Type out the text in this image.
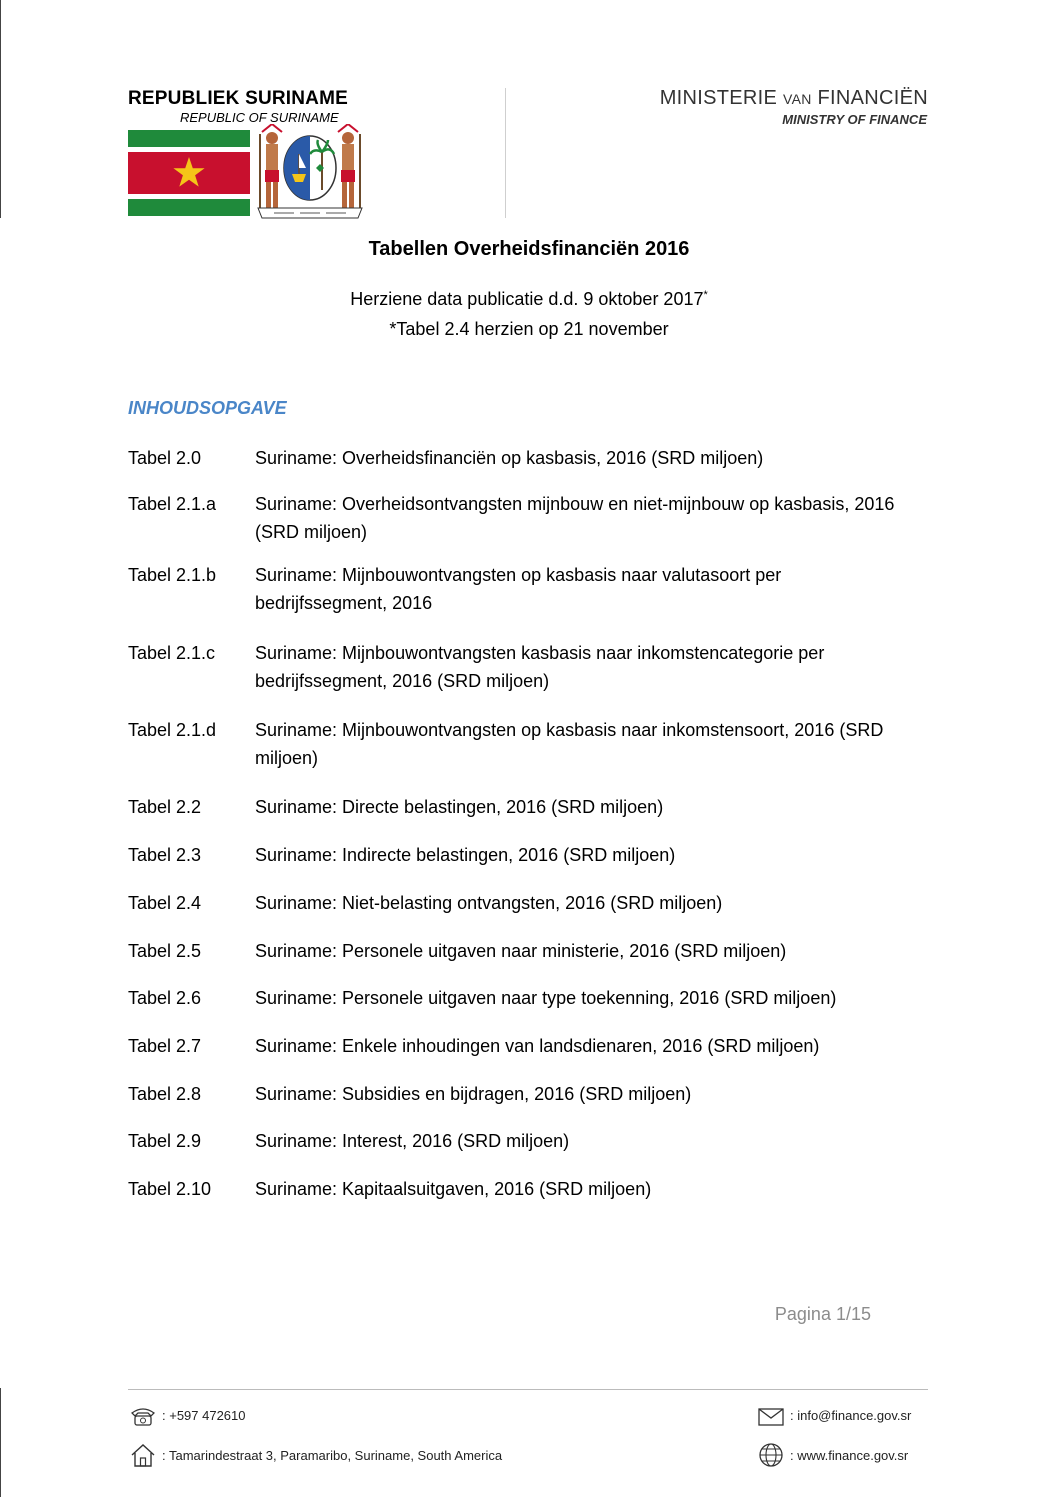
REPUBLIEK SURINAME
REPUBLIC OF SURINAME
MINISTERIE VAN FINANCIËN
MINISTRY OF FINANCE
Tabellen Overheidsfinanciën 2016
Herziene data publicatie d.d. 9 oktober 2017*
*Tabel 2.4 herzien op 21 november
INHOUDSOPGAVE
Tabel 2.0	Suriname: Overheidsfinanciën op kasbasis, 2016 (SRD miljoen)
Tabel 2.1.a	Suriname: Overheidsontvangsten mijnbouw en niet-mijnbouw op kasbasis, 2016 (SRD miljoen)
Tabel 2.1.b	Suriname: Mijnbouwontvangsten op kasbasis naar valutasoort per bedrijfssegment, 2016
Tabel 2.1.c	Suriname: Mijnbouwontvangsten kasbasis naar inkomstencategorie per bedrijfssegment, 2016 (SRD miljoen)
Tabel 2.1.d	Suriname: Mijnbouwontvangsten op kasbasis naar inkomstensoort, 2016 (SRD miljoen)
Tabel 2.2	Suriname: Directe belastingen, 2016 (SRD miljoen)
Tabel 2.3	Suriname: Indirecte belastingen, 2016 (SRD miljoen)
Tabel 2.4	Suriname: Niet-belasting ontvangsten, 2016 (SRD miljoen)
Tabel 2.5	Suriname: Personele uitgaven naar ministerie, 2016 (SRD miljoen)
Tabel 2.6	Suriname: Personele uitgaven naar type toekenning, 2016 (SRD miljoen)
Tabel 2.7	Suriname: Enkele inhoudingen van landsdienaren, 2016 (SRD miljoen)
Tabel 2.8	Suriname: Subsidies en bijdragen, 2016 (SRD miljoen)
Tabel 2.9	Suriname: Interest, 2016 (SRD miljoen)
Tabel 2.10	Suriname: Kapitaalsuitgaven, 2016 (SRD miljoen)
Pagina 1/15
: +597 472610
: Tamarindestraat 3, Paramaribo, Suriname, South America
: info@finance.gov.sr
: www.finance.gov.sr
